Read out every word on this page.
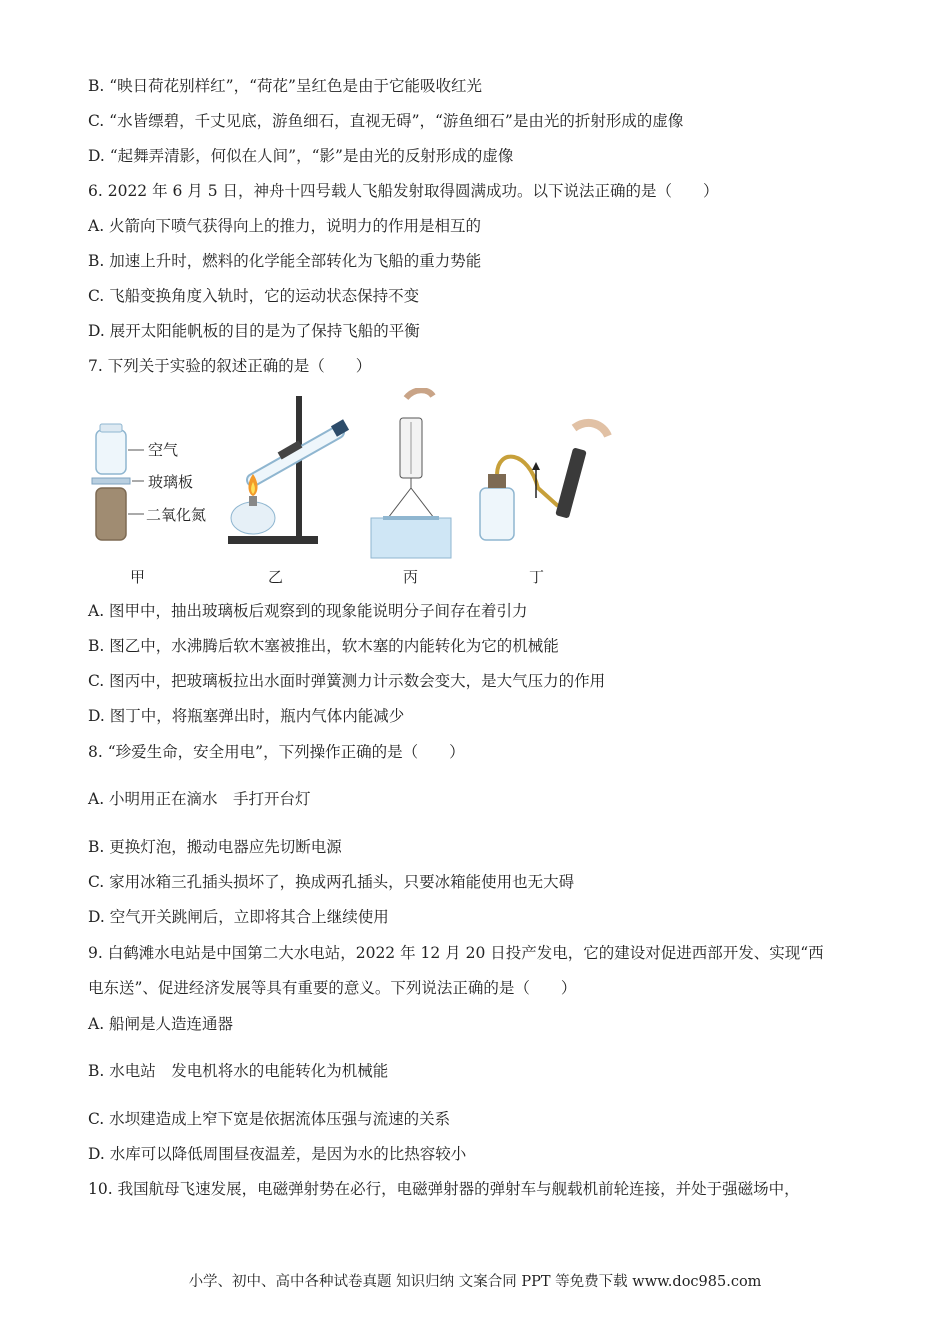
B. “映日荷花别样红”，“荷花”呈红色是由于它能吸收红光
C. “水皆缥碧，千丈见底，游鱼细石，直视无碍”，“游鱼细石”是由光的折射形成的虚像
D. “起舞弄清影，何似在人间”，“影”是由光的反射形成的虚像
6. 2022 年 6 月 5 日，神舟十四号载人飞船发射取得圆满成功。以下说法正确的是（　　）
A. 火箭向下喷气获得向上的推力，说明力的作用是相互的
B. 加速上升时，燃料的化学能全部转化为飞船的重力势能
C. 飞船变换角度入轨时，它的运动状态保持不变
D. 展开太阳能帆板的目的是为了保持飞船的平衡
7. 下列关于实验的叙述正确的是（　　）
空气
玻璃板
二氧化氮
甲	乙	丙	丁
A. 图甲中，抽出玻璃板后观察到的现象能说明分子间存在着引力
B. 图乙中，水沸腾后软木塞被推出，软木塞的内能转化为它的机械能
C. 图丙中，把玻璃板拉出水面时弹簧测力计示数会变大，是大气压力的作用
D. 图丁中，将瓶塞弹出时，瓶内气体内能减少
8. “珍爱生命，安全用电”，下列操作正确的是（　　）
A. 小明用正在滴水　手打开台灯
B. 更换灯泡，搬动电器应先切断电源
C. 家用冰箱三孔插头损坏了，换成两孔插头，只要冰箱能使用也无大碍
D. 空气开关跳闸后，立即将其合上继续使用
9. 白鹤滩水电站是中国第二大水电站，2022 年 12 月 20 日投产发电，它的建设对促进西部开发、实现“西
电东送”、促进经济发展等具有重要的意义。下列说法正确的是（　　）
A. 船闸是人造连通器
B. 水电站　发电机将水的电能转化为机械能
C. 水坝建造成上窄下宽是依据流体压强与流速的关系
D. 水库可以降低周围昼夜温差，是因为水的比热容较小
10. 我国航母飞速发展，电磁弹射势在必行，电磁弹射器的弹射车与舰载机前轮连接，并处于强磁场中，
小学、初中、高中各种试卷真题 知识归纳 文案合同 PPT 等免费下载 www.doc985.com
